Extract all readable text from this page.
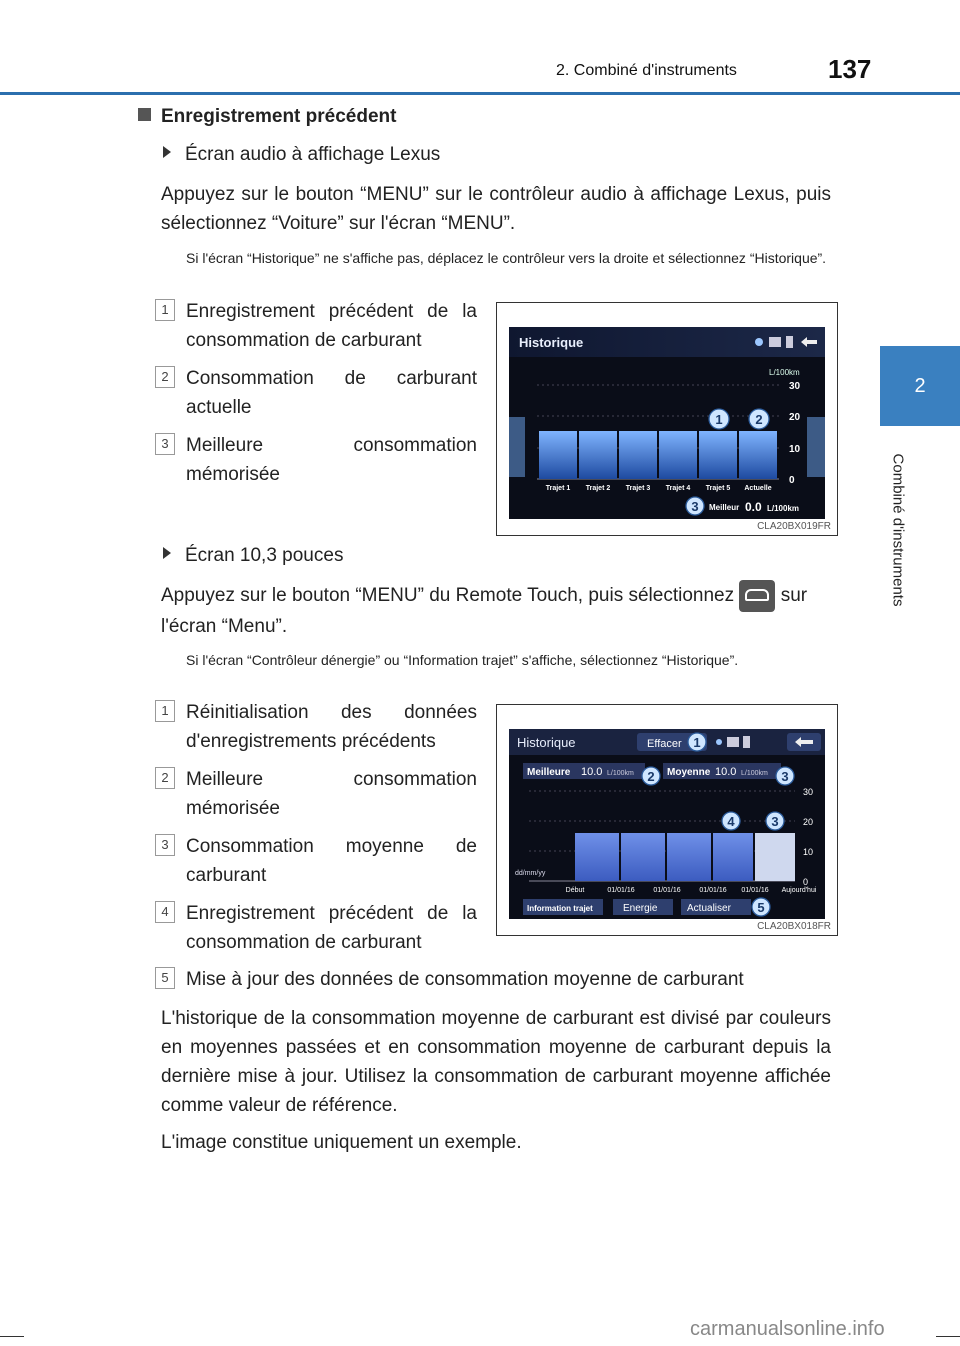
2. Combiné d'instruments	137
2
Combiné d'instruments
Enregistrement précédent
Écran audio à affichage Lexus
Appuyez sur le bouton “MENU” sur le contrôleur audio à affichage Lexus, puis sélectionnez “Voiture” sur l'écran “MENU”.
Si l'écran “Historique” ne s'affiche pas, déplacez le contrôleur vers la droite et sélectionnez “Historique”.
1 Enregistrement précédent de la consommation de carburant
2 Consommation de carburant actuelle
3 Meilleure consommation mémorisée
Historique
L/100km
30
20
10
0
Trajet 1 Trajet 2 Trajet 3 Trajet 4 Trajet 5 Actuelle
Meilleur 0.0 L/100km
1	2
3
CLA20BX019FR
Écran 10,3 pouces
Appuyez sur le bouton “MENU” du Remote Touch, puis sélectionnez sur l'écran “Menu”.
Si l'écran “Contrôleur dénergie” ou “Information trajet” s'affiche, sélectionnez “Historique”.
1 Réinitialisation des données d'enregistrements précédents
2 Meilleure consommation mémorisée
3 Consommation moyenne de carburant
4 Enregistrement précédent de la consommation de carburant
5 Mise à jour des données de consommation moyenne de carburant
Historique	Effacer
Meilleure 10.0 L/100km	Moyenne 10.0 L/100km
30
20
10
0
dd/mm/yy
Début	01/01/16	01/01/16	01/01/16 01/01/16 Aujourd'hui
Information trajet	Energie	Actualiser
1
2	3
4	3
5
CLA20BX018FR
L'historique de la consommation moyenne de carburant est divisé par couleurs en moyennes passées et en consommation moyenne de carburant depuis la dernière mise à jour. Utilisez la consommation de carburant moyenne affichée comme valeur de référence.
L'image constitue uniquement un exemple.
carmanualsonline.info
